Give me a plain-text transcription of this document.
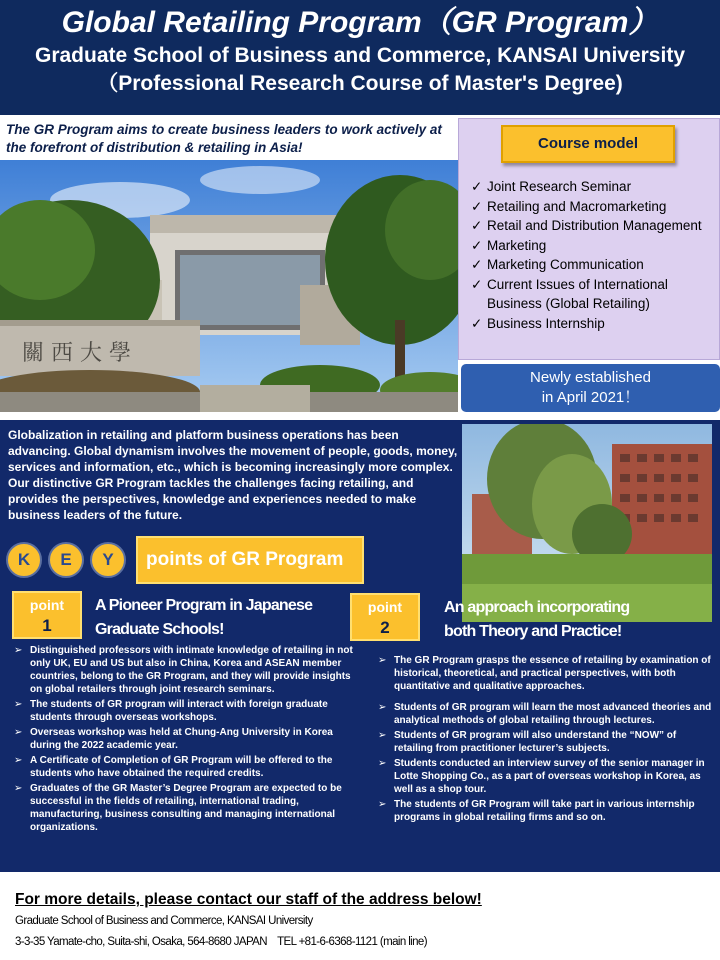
Global Retailing Program（GR Program）
Graduate School of Business and Commerce, KANSAI University
（Professional Research Course of Master's Degree)
The GR Program aims to create business leaders to work actively at the forefront of distribution & retailing in Asia!
關 西 大 學
Course model
✓ Joint Research Seminar
✓ Retailing and Macromarketing
✓ Retail and Distribution Management
✓ Marketing
✓ Marketing Communication
✓ Current Issues of International Business (Global Retailing)
✓ Business Internship
Newly established
in April 2021！
Globalization in retailing and platform business operations has been advancing. Global dynamism involves the movement of people, goods, money, services and information, etc., which is becoming increasingly more complex. Our distinctive GR Program tackles the challenges facing retailing, and provides the perspectives, knowledge and experiences needed to make business leaders of the future.
K	E	Y	points of GR Program
point
1
A Pioneer Program in Japanese
Graduate Schools!
➢ Distinguished professors with intimate knowledge of retailing in not only UK, EU and US but also in China, Korea and ASEAN member countries, belong to the GR Program, and they will provide insights on global retailers through joint research seminars.
➢ The students of GR program will interact with foreign graduate students through overseas workshops.
➢ Overseas workshop was held at Chung-Ang University in Korea during the 2022 academic year.
➢ A Certificate of Completion of GR Program will be offered to the students who have obtained the required credits.
➢ Graduates of the GR Master’s Degree Program are expected to be successful in the fields of retailing, international trading, manufacturing, business consulting and managing international organizations.
point
2
An approach incorporating
both Theory and Practice!
➢ The GR Program grasps the essence of retailing by examination of historical, theoretical, and practical perspectives, with both quantitative and qualitative approaches.
➢ Students of GR program will learn the most advanced theories and analytical methods of global retailing through lectures.
➢ Students of GR program will also understand the “NOW” of retailing from practitioner lecturer’s subjects.
➢ Students conducted an interview survey of the senior manager in Lotte Shopping Co., as a part of overseas workshop in Korea, as well as a shop tour.
➢ The students of GR Program will take part in various internship programs in global retailing firms and so on.
For more details, please contact our staff of the address below!
Graduate School of Business and Commerce, KANSAI University
3-3-35 Yamate-cho, Suita-shi, Osaka, 564-8680 JAPAN    TEL +81-6-6368-1121 (main line)
